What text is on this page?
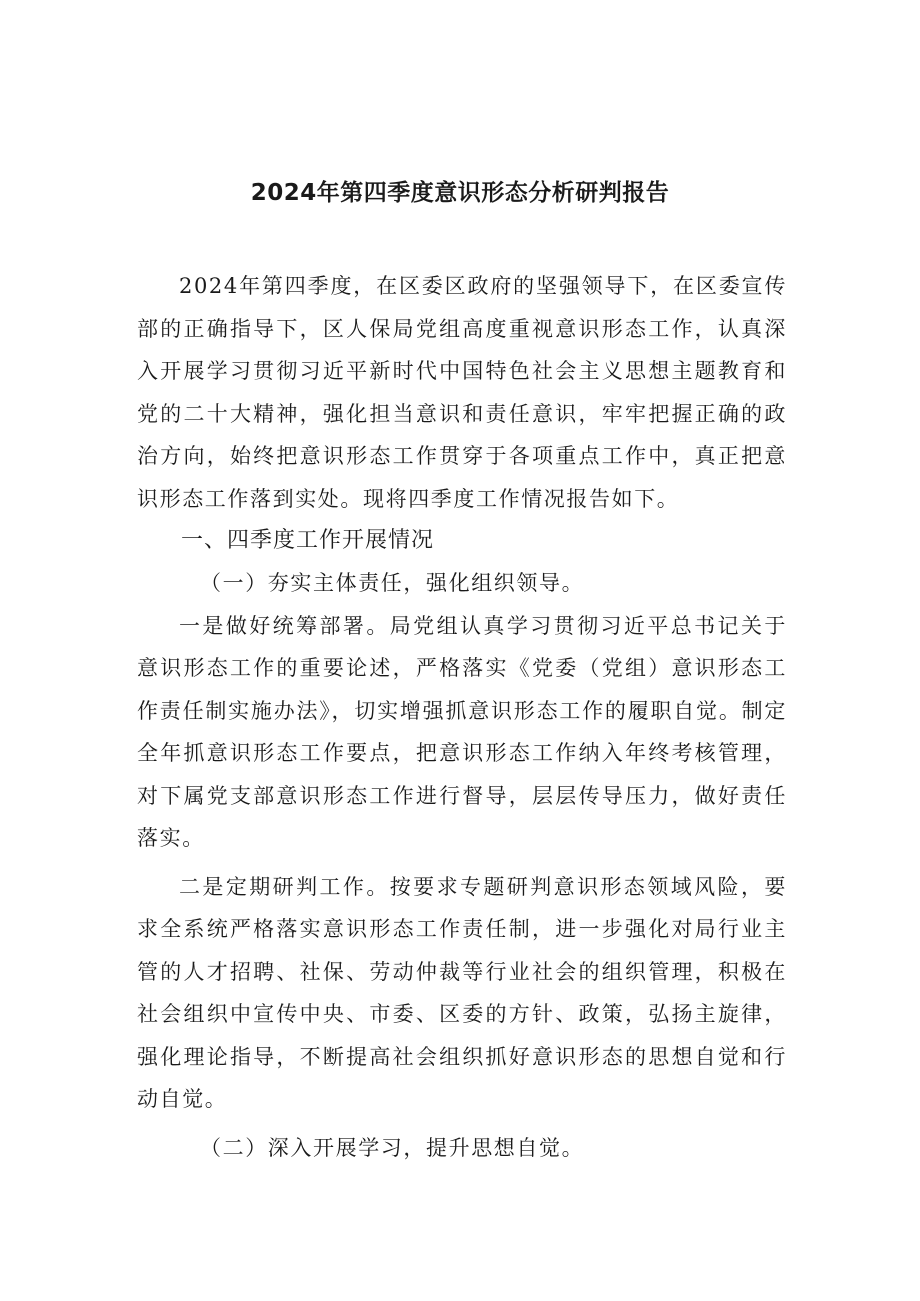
2024年第四季度意识形态分析研判报告

2024年第四季度，在区委区政府的坚强领导下，在区委宣传部的正确指导下，区人保局党组高度重视意识形态工作，认真深入开展学习贯彻习近平新时代中国特色社会主义思想主题教育和党的二十大精神，强化担当意识和责任意识，牢牢把握正确的政治方向，始终把意识形态工作贯穿于各项重点工作中，真正把意识形态工作落到实处。现将四季度工作情况报告如下。

一、四季度工作开展情况

（一）夯实主体责任，强化组织领导。

一是做好统筹部署。局党组认真学习贯彻习近平总书记关于意识形态工作的重要论述，严格落实《党委（党组）意识形态工作责任制实施办法》，切实增强抓意识形态工作的履职自觉。制定全年抓意识形态工作要点，把意识形态工作纳入年终考核管理，对下属党支部意识形态工作进行督导，层层传导压力，做好责任落实。

二是定期研判工作。按要求专题研判意识形态领域风险，要求全系统严格落实意识形态工作责任制，进一步强化对局行业主管的人才招聘、社保、劳动仲裁等行业社会的组织管理，积极在社会组织中宣传中央、市委、区委的方针、政策，弘扬主旋律，强化理论指导，不断提高社会组织抓好意识形态的思想自觉和行动自觉。

（二）深入开展学习，提升思想自觉。
